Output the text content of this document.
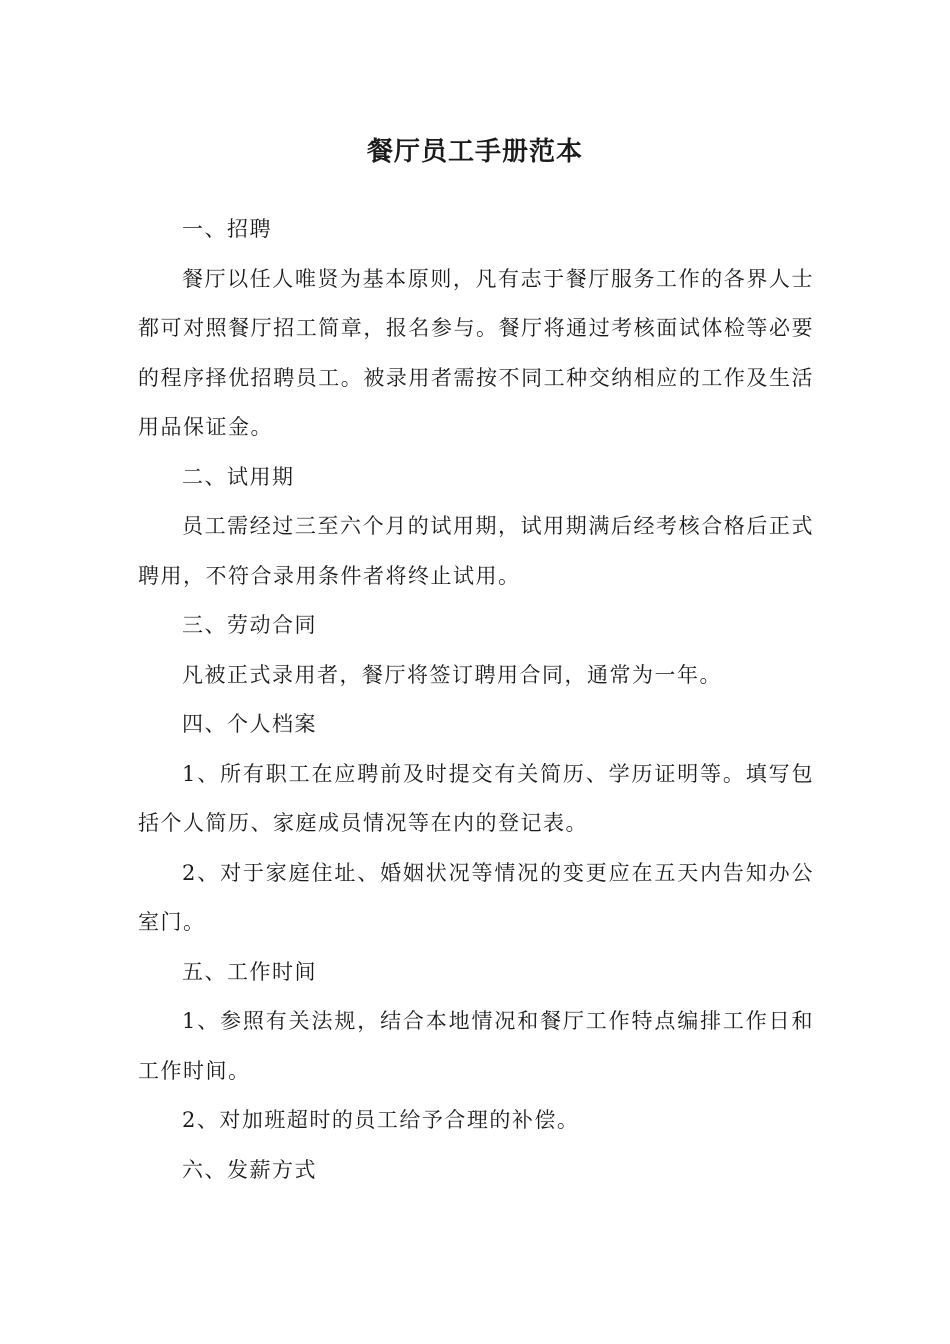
餐厅员工手册范本

一、招聘

餐厅以任人唯贤为基本原则，凡有志于餐厅服务工作的各界人士都可对照餐厅招工简章，报名参与。餐厅将通过考核面试体检等必要的程序择优招聘员工。被录用者需按不同工种交纳相应的工作及生活用品保证金。

二、试用期

员工需经过三至六个月的试用期，试用期满后经考核合格后正式聘用，不符合录用条件者将终止试用。

三、劳动合同

凡被正式录用者，餐厅将签订聘用合同，通常为一年。

四、个人档案

1、所有职工在应聘前及时提交有关简历、学历证明等。填写包括个人简历、家庭成员情况等在内的登记表。

2、对于家庭住址、婚姻状况等情况的变更应在五天内告知办公室门。

五、工作时间

1、参照有关法规，结合本地情况和餐厅工作特点编排工作日和工作时间。

2、对加班超时的员工给予合理的补偿。

六、发薪方式
